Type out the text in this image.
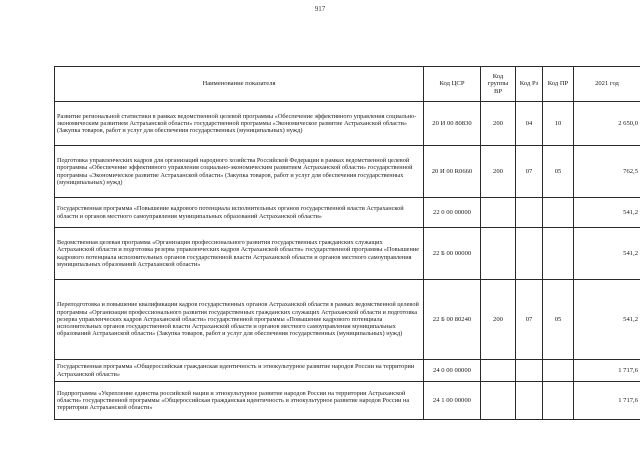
917
Наименование показателя	Код ЦСР	Код группы ВР	Код Рз	Код ПР	2021 год
Развитие региональной статистики в рамках ведомственной целевой программы «Обеспечение эффективного управления социально-экономическим развитием Астраханской области» государственной программы «Экономическое развитие Астраханской области» (Закупка товаров, работ и услуг для обеспечения государственных (муниципальных) нужд)	20 И 00 80830	200	04	10	2 650,0
Подготовка управленческих кадров для организаций народного хозяйства Российской Федерации в рамках ведомственной целевой программы «Обеспечение эффективного управления социально-экономическим развитием Астраханской области» государственной программы «Экономическое развитие Астраханской области» (Закупка товаров, работ и услуг для обеспечения государственных (муниципальных) нужд)	20 И 00 R0660	200	07	05	762,5
Государственная программа «Повышение кадрового потенциала исполнительных органов государственной власти Астраханской области и органов местного самоуправления муниципальных образований Астраханской области»	22 0 00 00000				541,2
Ведомственная целевая программа «Организация профессионального развития государственных гражданских служащих Астраханской области и подготовка резерва управленческих кадров Астраханской области» государственной программы «Повышение кадрового потенциала исполнительных органов государственной власти Астраханской области и органов местного самоуправления муниципальных образований Астраханской области»	22 Б 00 00000				541,2
Переподготовка и повышение квалификации кадров государственных органов Астраханской области в рамках ведомственной целевой программы «Организация профессионального развития государственных гражданских служащих Астраханской области и подготовка резерва управленческих кадров Астраханской области» государственной программы «Повышение кадрового потенциала исполнительных органов государственной власти Астраханской области и органов местного самоуправления муниципальных образований Астраханской области» (Закупка товаров, работ и услуг для обеспечения государственных (муниципальных) нужд)	22 Б 00 80240	200	07	05	541,2
Государственная программа «Общероссийская гражданская идентичность и этнокультурное развитие народов России на территории Астраханской области»	24 0 00 00000				1 717,6
Подпрограмма «Укрепление единства российской нации и этнокультурное развитие народов России на территории Астраханской области» государственной программы «Общероссийская гражданская идентичность и этнокультурное развитие народов России на территории Астраханской области»	24 1 00 00000				1 717,6
